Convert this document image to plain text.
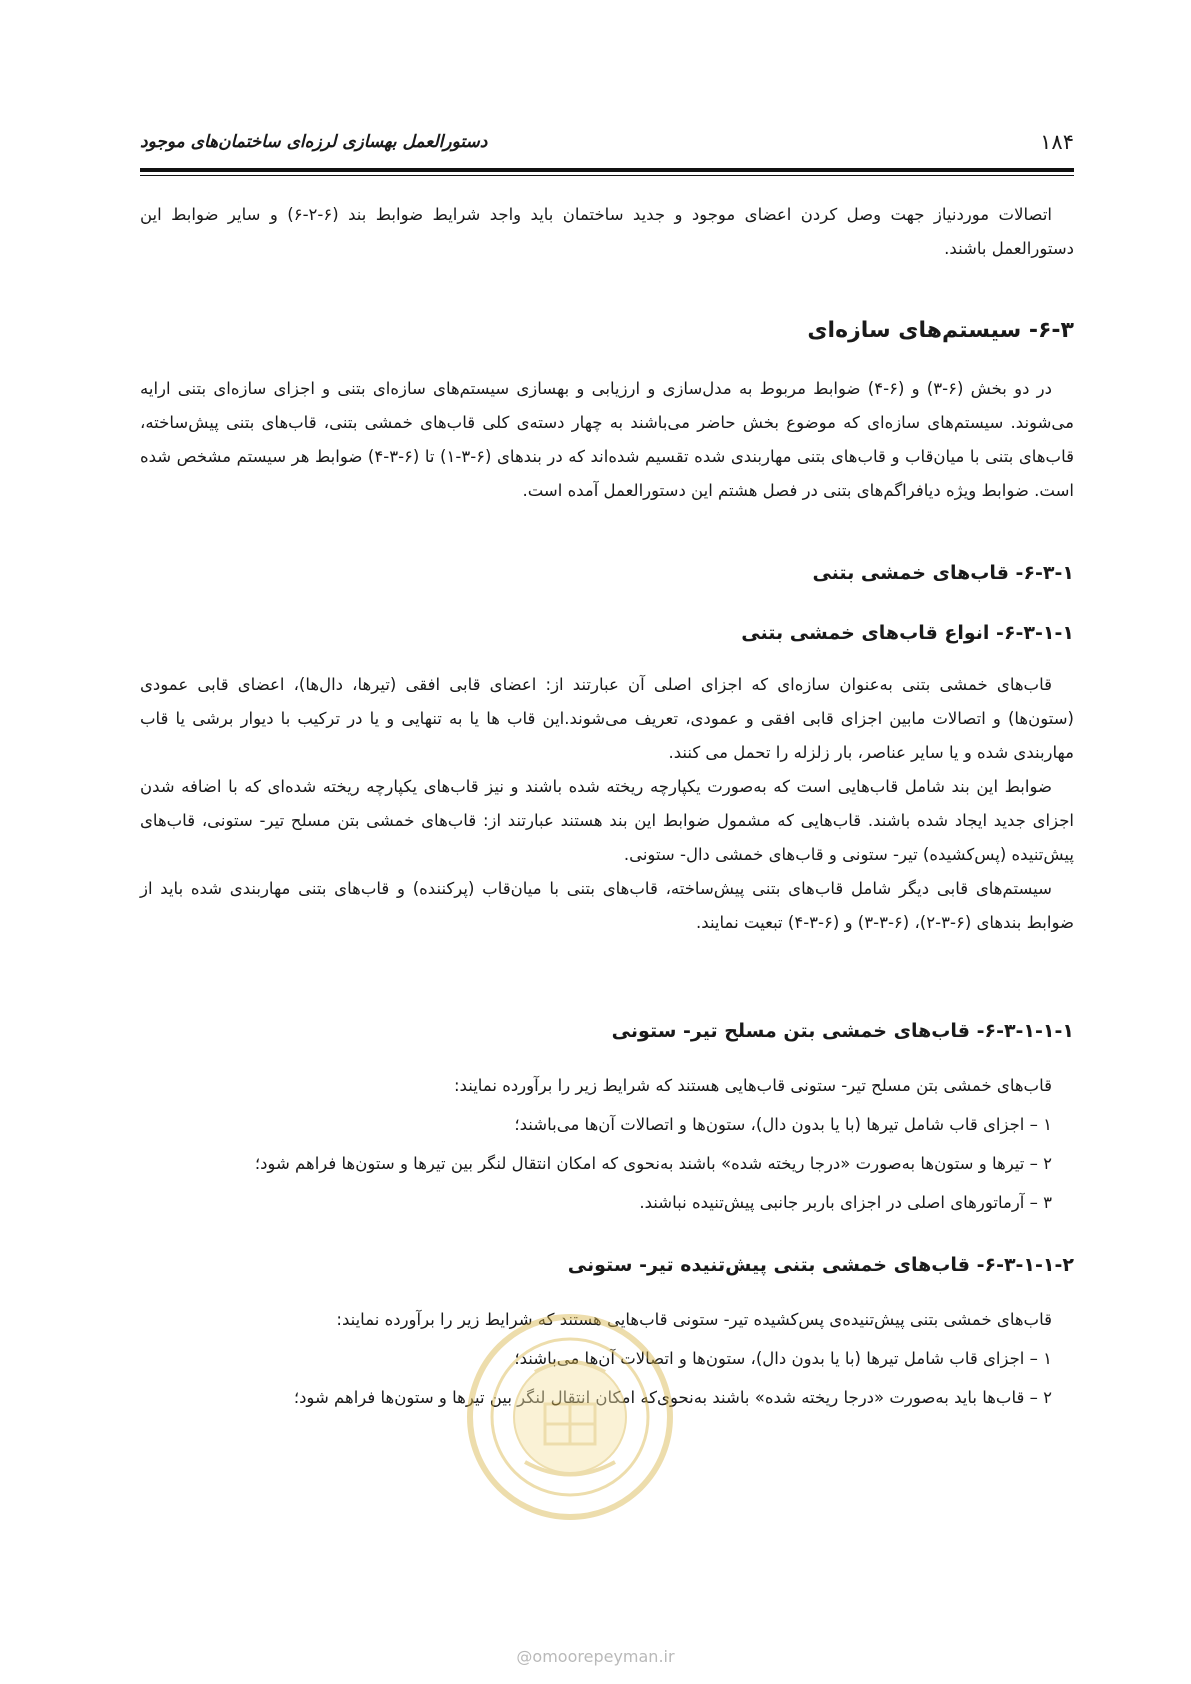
۱۸۴
دستورالعمل بهسازی لرزه‌ای ساختمان‌های موجود

اتصالات موردنیاز جهت وصل کردن اعضای موجود و جدید ساختمان باید واجد شرایط ضوابط بند (۶-۲-۶) و سایر ضوابط این دستورالعمل باشند.

۶-۳- سیستم‌های سازه‌ای

در دو بخش (۶-۳) و (۶-۴) ضوابط مربوط به مدل‌سازی و ارزیابی و بهسازی سیستم‌های سازه‌ای بتنی و اجزای سازه‌ای بتنی ارایه می‌شوند. سیستم‌های سازه‌ای که موضوع بخش حاضر می‌باشند به چهار دسته‌ی کلی قاب‌های خمشی بتنی، قاب‌های بتنی پیش‌ساخته، قاب‌های بتنی با میان‌قاب و قاب‌های بتنی مهاربندی شده تقسیم شده‌اند که در بندهای (۶-۳-۱) تا (۶-۳-۴) ضوابط هر سیستم مشخص شده است. ضوابط ویژه دیافراگم‌های بتنی در فصل هشتم این دستورالعمل آمده است.

۶-۳-۱- قاب‌های خمشی بتنی
۶-۳-۱-۱- انواع قاب‌های خمشی بتنی

قاب‌های خمشی بتنی به‌عنوان سازه‌ای که اجزای اصلی آن عبارتند از: اعضای قابی افقی (تیرها، دال‌ها)، اعضای قابی عمودی (ستون‌ها) و اتصالات مابین اجزای قابی افقی و عمودی، تعریف می‌شوند.این قاب ها یا به تنهایی و یا در ترکیب با دیوار برشی یا قاب مهاربندی شده و یا سایر عناصر، بار زلزله را تحمل می کنند.

ضوابط این بند شامل قاب‌هایی است که به‌صورت یکپارچه ریخته شده باشند و نیز قاب‌های یکپارچه ریخته شده‌ای که با اضافه شدن اجزای جدید ایجاد شده باشند. قاب‌هایی که مشمول ضوابط این بند هستند عبارتند از: قاب‌های خمشی بتن مسلح تیر- ستونی، قاب‌های پیش‌تنیده (پس‌کشیده) تیر- ستونی و قاب‌های خمشی دال- ستونی.

سیستم‌های قابی دیگر شامل قاب‌های بتنی پیش‌ساخته، قاب‌های بتنی با میان‌قاب (پرکننده) و قاب‌های بتنی مهاربندی شده باید از ضوابط بندهای (۶-۳-۲)، (۶-۳-۳) و (۶-۳-۴) تبعیت نمایند.

۶-۳-۱-۱-۱- قاب‌های خمشی بتن مسلح تیر- ستونی
قاب‌های خمشی بتن مسلح تیر- ستونی قاب‌هایی هستند که شرایط زیر را برآورده نمایند:
۱ – اجزای قاب شامل تیرها (با یا بدون دال)، ستون‌ها و اتصالات آن‌ها می‌باشند؛
۲ – تیرها و ستون‌ها به‌صورت «درجا ریخته شده» باشند به‌نحوی که امکان انتقال لنگر بین تیرها و ستون‌ها فراهم شود؛
۳ – آرماتورهای اصلی در اجزای باربر جانبی پیش‌تنیده نباشند.
۶-۳-۱-۱-۲- قاب‌های خمشی بتنی پیش‌تنیده تیر- ستونی
قاب‌های خمشی بتنی پیش‌تنیده‌ی پس‌کشیده تیر- ستونی قاب‌هایی هستند که شرایط زیر را برآورده نمایند:
۱ – اجزای قاب شامل تیرها (با یا بدون دال)، ستون‌ها و اتصالات آن‌ها می‌باشند؛
۲ – قاب‌ها باید به‌صورت «درجا ریخته شده» باشند به‌نحوی‌که امکان انتقال لنگر بین تیرها و ستون‌ها فراهم شود؛
@omoorepeyman.ir
